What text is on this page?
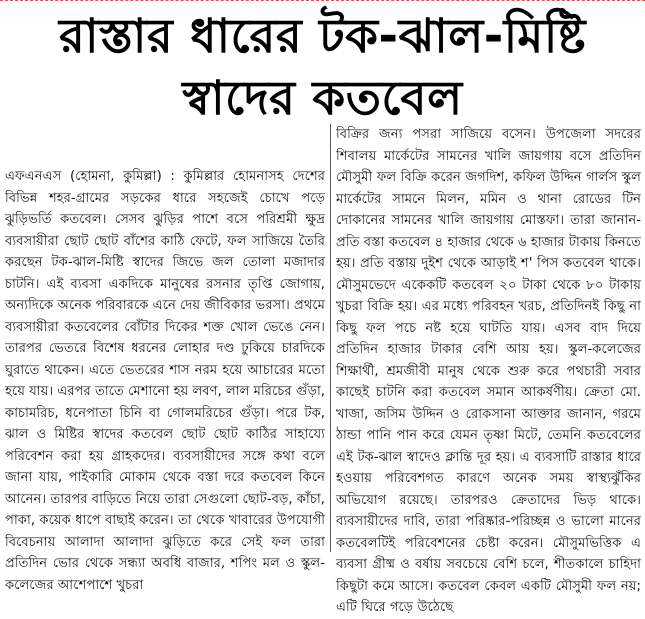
রাস্তার ধারের টক-ঝাল-মিষ্টি
স্বাদের কতবেল

এফএনএস (হোমনা, কুমিল্লা) : কুমিল্লার হোমনাসহ দেশের বিভিন্ন শহর-গ্রামের সড়কের ধারে সহজেই চোখে পড়ে ঝুড়িভর্তি কতবেল। সেসব ঝুড়ির পাশে বসে পরিশ্রমী ক্ষুদ্র ব্যবসায়ীরা ছোট ছোট বাঁশের কাঠি ফেটে, ফল সাজিয়ে তৈরি করছেন টক-ঝাল-মিষ্টি স্বাদের জিভে জল তোলা মজাদার চাটনি। এই ব্যবসা একদিকে মানুষের রসনার তৃপ্তি জোগায়, অন্যদিকে অনেক পরিবারকে এনে দেয় জীবিকার ভরসা। প্রথমে ব্যবসায়ীরা কতবেলের বোঁটার দিকের শক্ত খোল ভেঙে নেন। তারপর ভেতরে বিশেষ ধরনের লোহার দণ্ড ঢুকিয়ে চারদিকে ঘুরাতে থাকেন। এতে ভেতরের শাস নরম হয়ে আচারের মতো হয়ে যায়। এরপর তাতে মেশানো হয় লবণ, লাল মরিচের গুঁড়া, কাচামরিচ, ধনেপাতা চিনি বা গোলমরিচের গুঁড়া। পরে টক, ঝাল ও মিষ্টির স্বাদের কতবেল ছোট ছোট কাঠির সাহায্যে পরিবেশন করা হয় গ্রাহকদের। ব্যবসায়ীদের সঙ্গে কথা বলে জানা যায়, পাইকারি মোকাম থেকে বস্তা দরে কতবেল কিনে আনেন। তারপর বাড়িতে নিয়ে তারা সেগুলো ছোট-বড়, কাঁচা, পাকা, কয়েক ধাপে বাছাই করেন। তা থেকে খাবারের উপযোগী বিবেচনায় আলাদা আলাদা ঝুড়িতে করে সেই ফল তারা প্রতিদিন ভোর থেকে সন্ধ্যা অবধি বাজার, শপিং মল ও স্কুল-কলেজের আশেপাশে খুচরা

বিক্রির জন্য পসরা সাজিয়ে বসেন। উপজেলা সদরের শিবালয় মার্কেটের সামনের খালি জায়গায় বসে প্রতিদিন মৌসুমী ফল বিক্রি করেন জগদিশ, কফিল উদ্দিন গার্লস স্কুল মার্কেটের সামনে মিলন, মমিন ও থানা রোডের টিন দোকানের সামনের খালি জায়গায় মোস্তফা। তারা জানান- প্রতি বস্তা কতবেল ৪ হাজার থেকে ৬ হাজার টাকায় কিনতে হয়। প্রতি বস্তায় দুইশ থেকে আড়াই শ' পিস কতবেল থাকে। মৌসুমভেদে একেকটি কতবেল ২০ টাকা থেকে ৮০ টাকায় খুচরা বিক্রি হয়। এর মধ্যে পরিবহন খরচ, প্রতিদিনই কিছু না কিছু ফল পচে নষ্ট হয়ে ঘাটতি যায়। এসব বাদ দিয়ে প্রতিদিন হাজার টাকার বেশি আয় হয়। স্কুল-কলেজের শিক্ষার্থী, শ্রমজীবী মানুষ থেকে শুরু করে পথচারী সবার কাছেই চাটনি করা কতবেল সমান আকর্ষণীয়। ক্রেতা মো. খাজা, জসিম উদ্দিন ও রোকসানা আক্তার জানান, গরমে ঠান্ডা পানি পান করে যেমন তৃষ্ণা মিটে, তেমনি কতবেলের এই টক-ঝাল স্বাদেও ক্লান্তি দূর হয়। এ ব্যবসাটি রাস্তার ধারে হওয়ায় পরিবেশগত কারণে অনেক সময় স্বাস্থ্যঝুঁকির অভিযোগ রয়েছে। তারপরও ক্রেতাদের ভিড় থাকে। ব্যবসায়ীদের দাবি, তারা পরিষ্কার-পরিচ্ছন্ন ও ভালো মানের কতবেলটিই পরিবেশনের চেষ্টা করেন। মৌসুমভিত্তিক এ ব্যবসা গ্রীষ্ম ও বর্ষায় সবচেয়ে বেশি চলে, শীতকালে চাহিদা কিছুটা কমে আসে। কতবেল কেবল একটি মৌসুমী ফল নয়; এটি ঘিরে গড়ে উঠেছে
